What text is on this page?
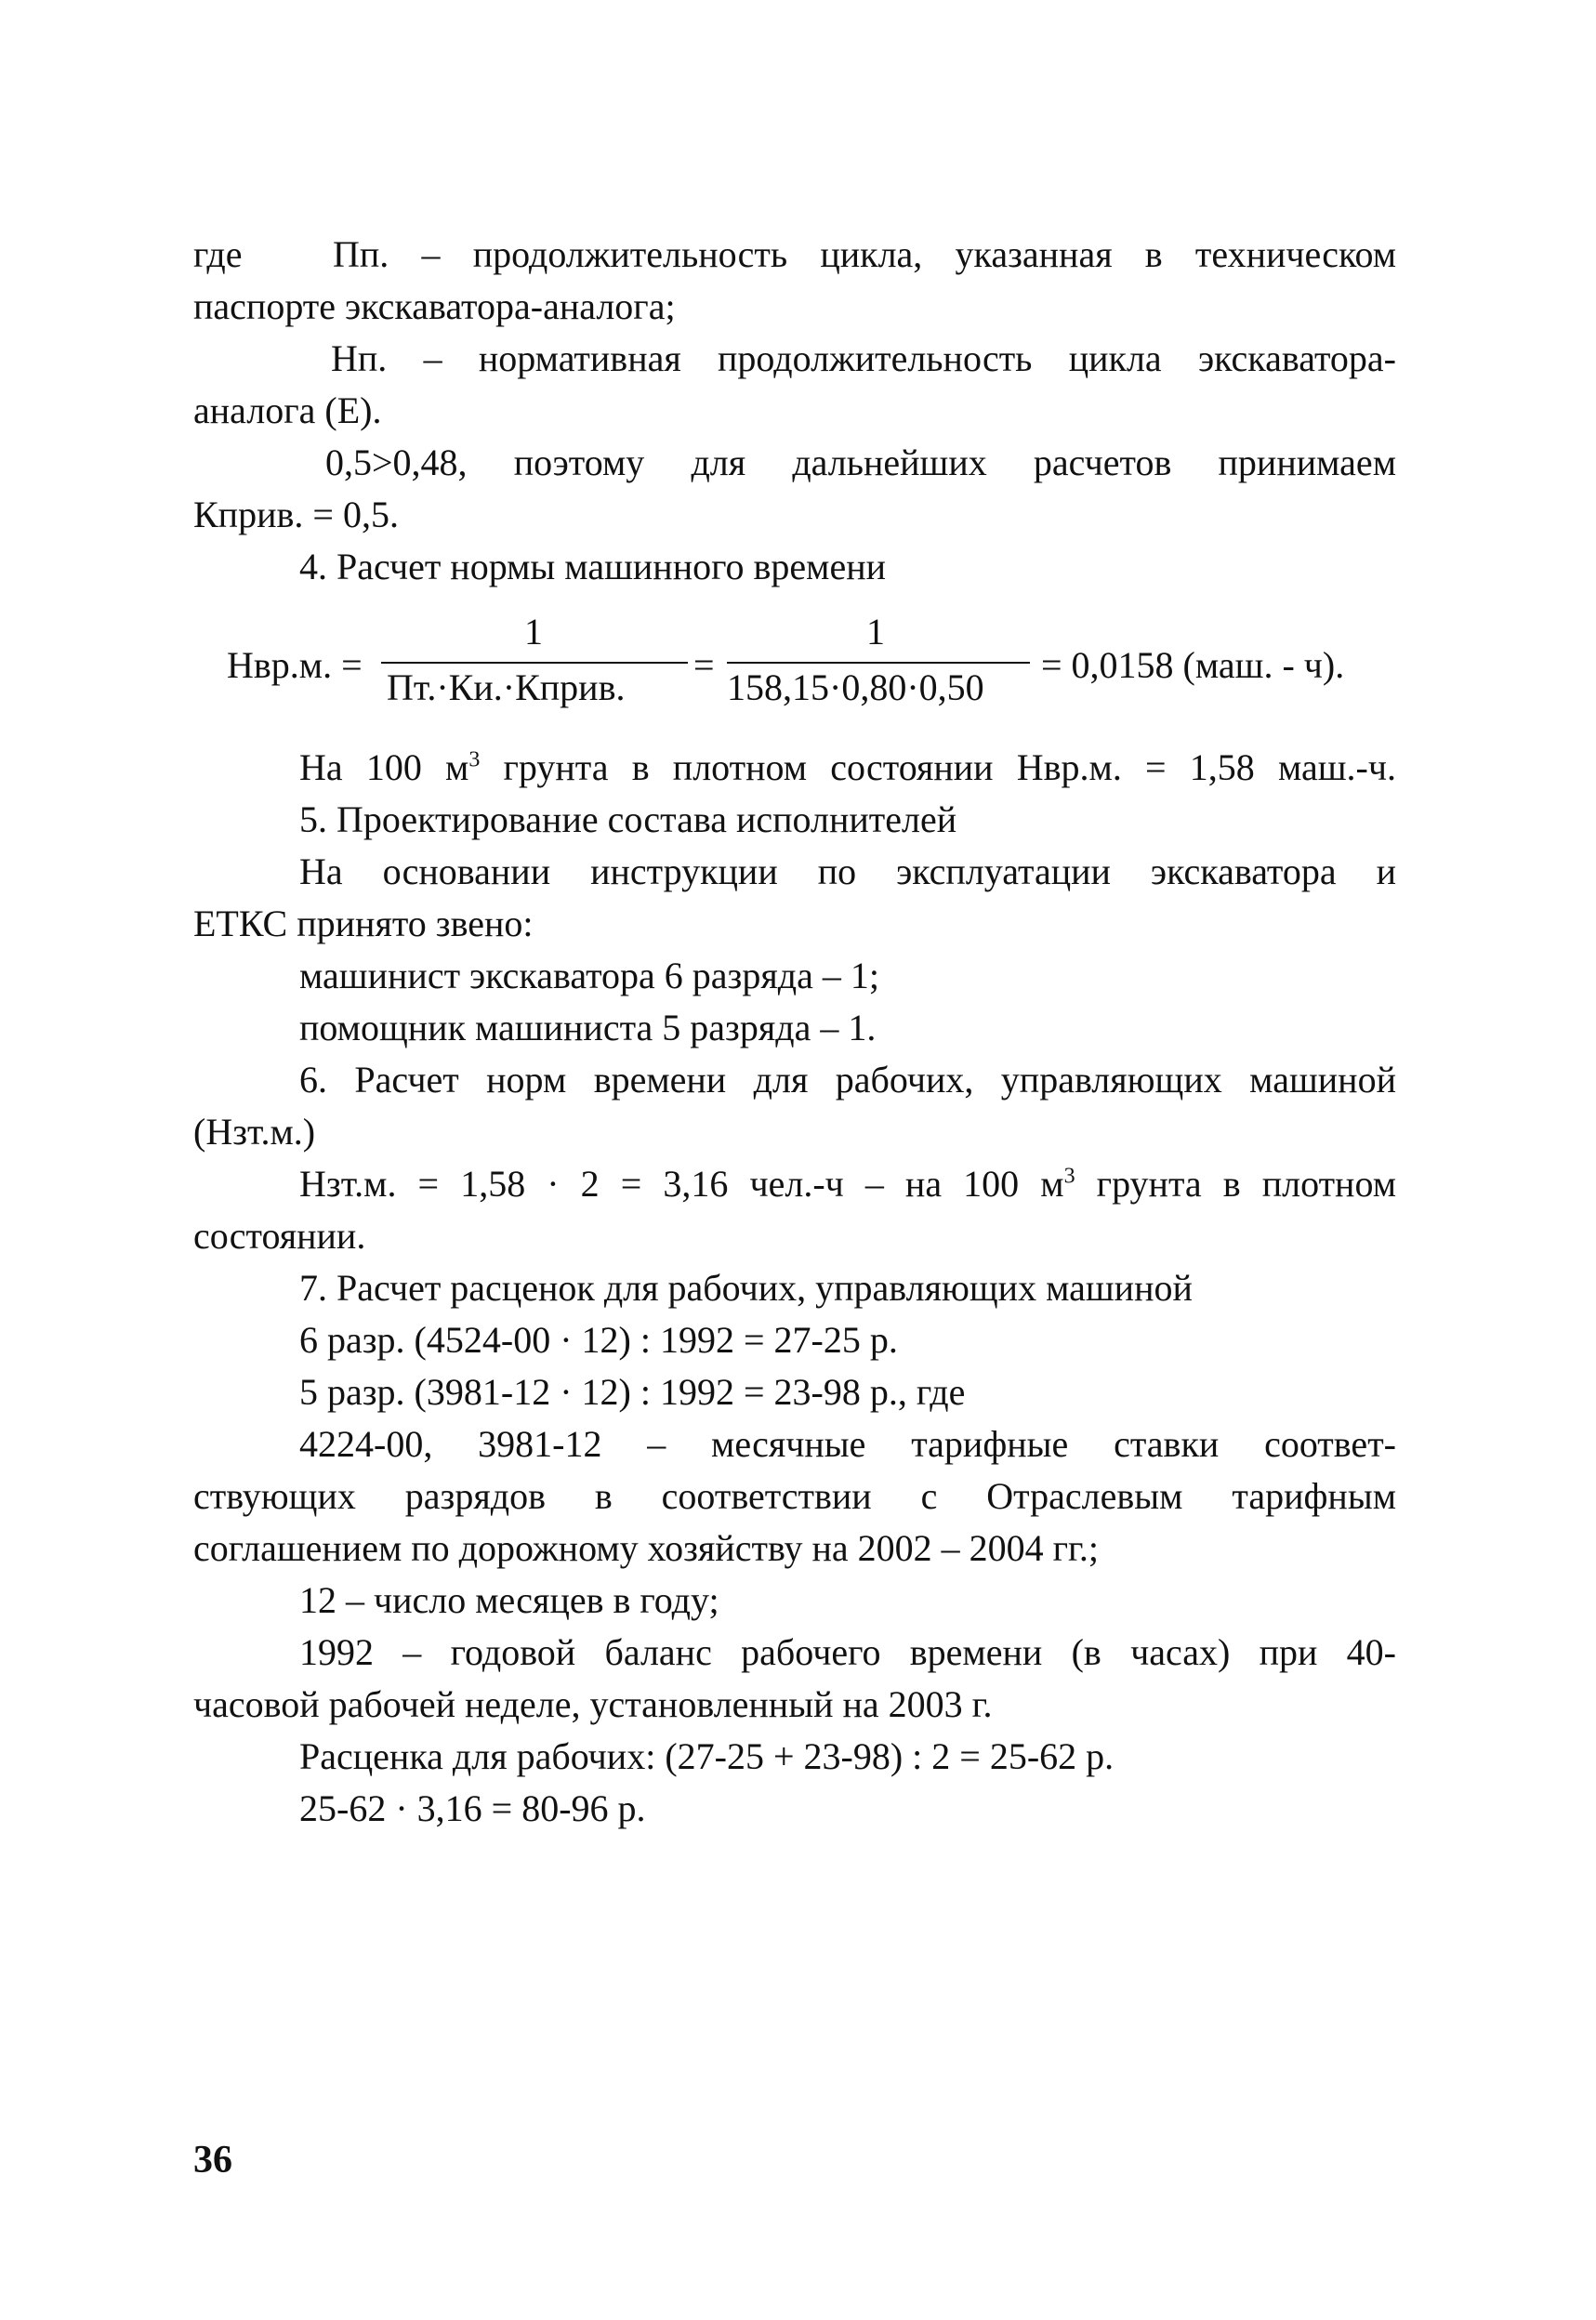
где Пп. – продолжительность цикла, указанная в техническом
паспорте экскаватора-аналога;
Нп. – нормативная продолжительность цикла экскаватора-
аналога (Е).
0,5>0,48, поэтому для дальнейших расчетов принимаем
Кприв. = 0,5.
4. Расчет нормы машинного времени
Нвр.м. =
1
Пт.·Ки.·Кприв.
=
1
158,15·0,80·0,50
= 0,0158 (маш. - ч).
На 100 $м^3$ грунта в плотном состоянии Нвр.м. = 1,58 маш.-ч.
5. Проектирование состава исполнителей
На основании инструкции по эксплуатации экскаватора и
ЕТКС принято звено:
машинист экскаватора 6 разряда – 1;
помощник машиниста 5 разряда – 1.
6. Расчет норм времени для рабочих, управляющих машиной
(Нзт.м.)
Нзт.м. = 1,58 · 2 = 3,16 чел.-ч – на 100 $м^3$ грунта в плотном
состоянии.
7. Расчет расценок для рабочих, управляющих машиной
6 разр. (4524-00 · 12) : 1992 = 27-25 р.
5 разр. (3981-12 · 12) : 1992 = 23-98 р., где
4224-00, 3981-12 – месячные тарифные ставки соответ-
ствующих разрядов в соответствии с Отраслевым тарифным
соглашением по дорожному хозяйству на 2002 – 2004 гг.;
12 – число месяцев в году;
1992 – годовой баланс рабочего времени (в часах) при 40-
часовой рабочей неделе, установленный на 2003 г.
Расценка для рабочих: (27-25 + 23-98) : 2 = 25-62 р.
25-62 · 3,16 = 80-96 р.
36
